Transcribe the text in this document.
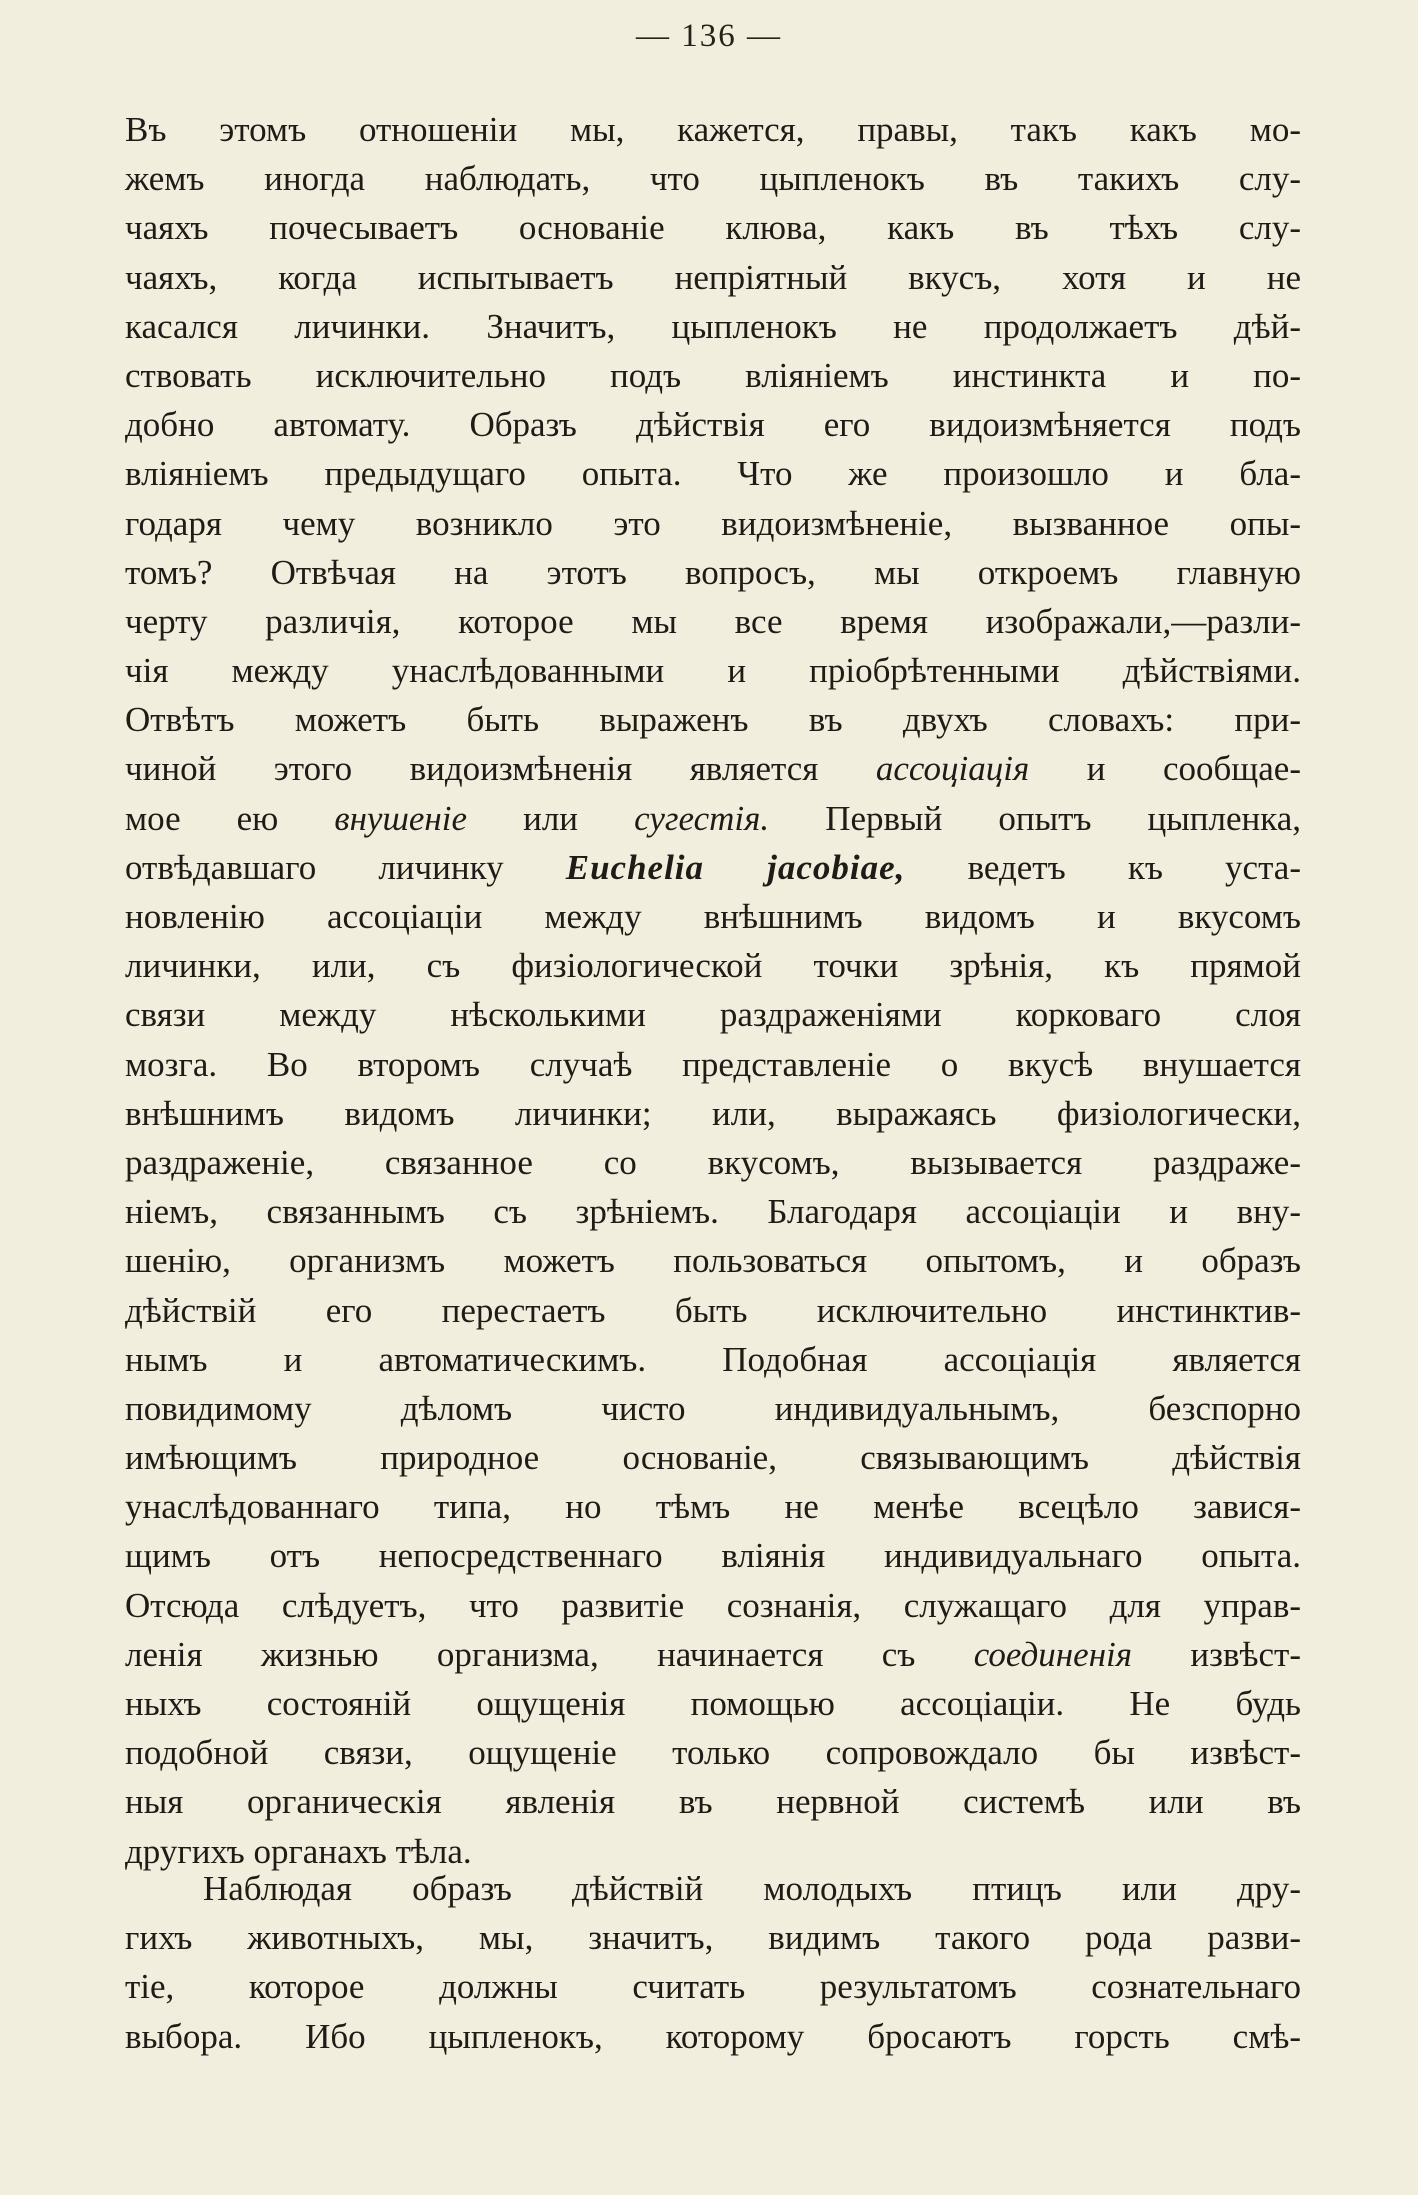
— 136 —
Въ этомъ отношеніи мы, кажется, правы, такъ какъ мо-
жемъ иногда наблюдать, что цыпленокъ въ такихъ слу-
чаяхъ почесываетъ основаніе клюва, какъ въ тѣхъ слу-
чаяхъ, когда испытываетъ непріятный вкусъ, хотя и не
касался личинки. Значитъ, цыпленокъ не продолжаетъ дѣй-
ствовать исключительно подъ вліяніемъ инстинкта и по-
добно автомату. Образъ дѣйствія его видоизмѣняется подъ
вліяніемъ предыдущаго опыта. Что же произошло и бла-
годаря чему возникло это видоизмѣненіе, вызванное опы-
томъ? Отвѣчая на этотъ вопросъ, мы откроемъ главную
черту различія, которое мы все время изображали,—разли-
чія между унаслѣдованными и пріобрѣтенными дѣйствіями.
Отвѣтъ можетъ быть выраженъ въ двухъ словахъ: при-
чиной этого видоизмѣненія является ассоціація и сообщае-
мое ею внушеніе или сугестія. Первый опытъ цыпленка,
отвѣдавшаго личинку Euchelia jacobiae, ведетъ къ уста-
новленію ассоціаціи между внѣшнимъ видомъ и вкусомъ
личинки, или, съ физіологической точки зрѣнія, къ прямой
связи между нѣсколькими раздраженіями корковаго слоя
мозга. Во второмъ случаѣ представленіе о вкусѣ внушается
внѣшнимъ видомъ личинки; или, выражаясь физіологически,
раздраженіе, связанное со вкусомъ, вызывается раздраже-
ніемъ, связаннымъ съ зрѣніемъ. Благодаря ассоціаціи и вну-
шенію, организмъ можетъ пользоваться опытомъ, и образъ
дѣйствій его перестаетъ быть исключительно инстинктив-
нымъ и автоматическимъ. Подобная ассоціація является
повидимому дѣломъ чисто индивидуальнымъ, безспорно
имѣющимъ природное основаніе, связывающимъ дѣйствія
унаслѣдованнаго типа, но тѣмъ не менѣе всецѣло завися-
щимъ отъ непосредственнаго вліянія индивидуальнаго опыта.
Отсюда слѣдуетъ, что развитіе сознанія, служащаго для управ-
ленія жизнью организма, начинается съ соединенія извѣст-
ныхъ состояній ощущенія помощью ассоціаціи. Не будь
подобной связи, ощущеніе только сопровождало бы извѣст-
ныя органическія явленія въ нервной системѣ или въ
другихъ органахъ тѣла.
Наблюдая образъ дѣйствій молодыхъ птицъ или дру-
гихъ животныхъ, мы, значитъ, видимъ такого рода разви-
тіе, которое должны считать результатомъ сознательнаго
выбора. Ибо цыпленокъ, которому бросаютъ горсть смѣ-
